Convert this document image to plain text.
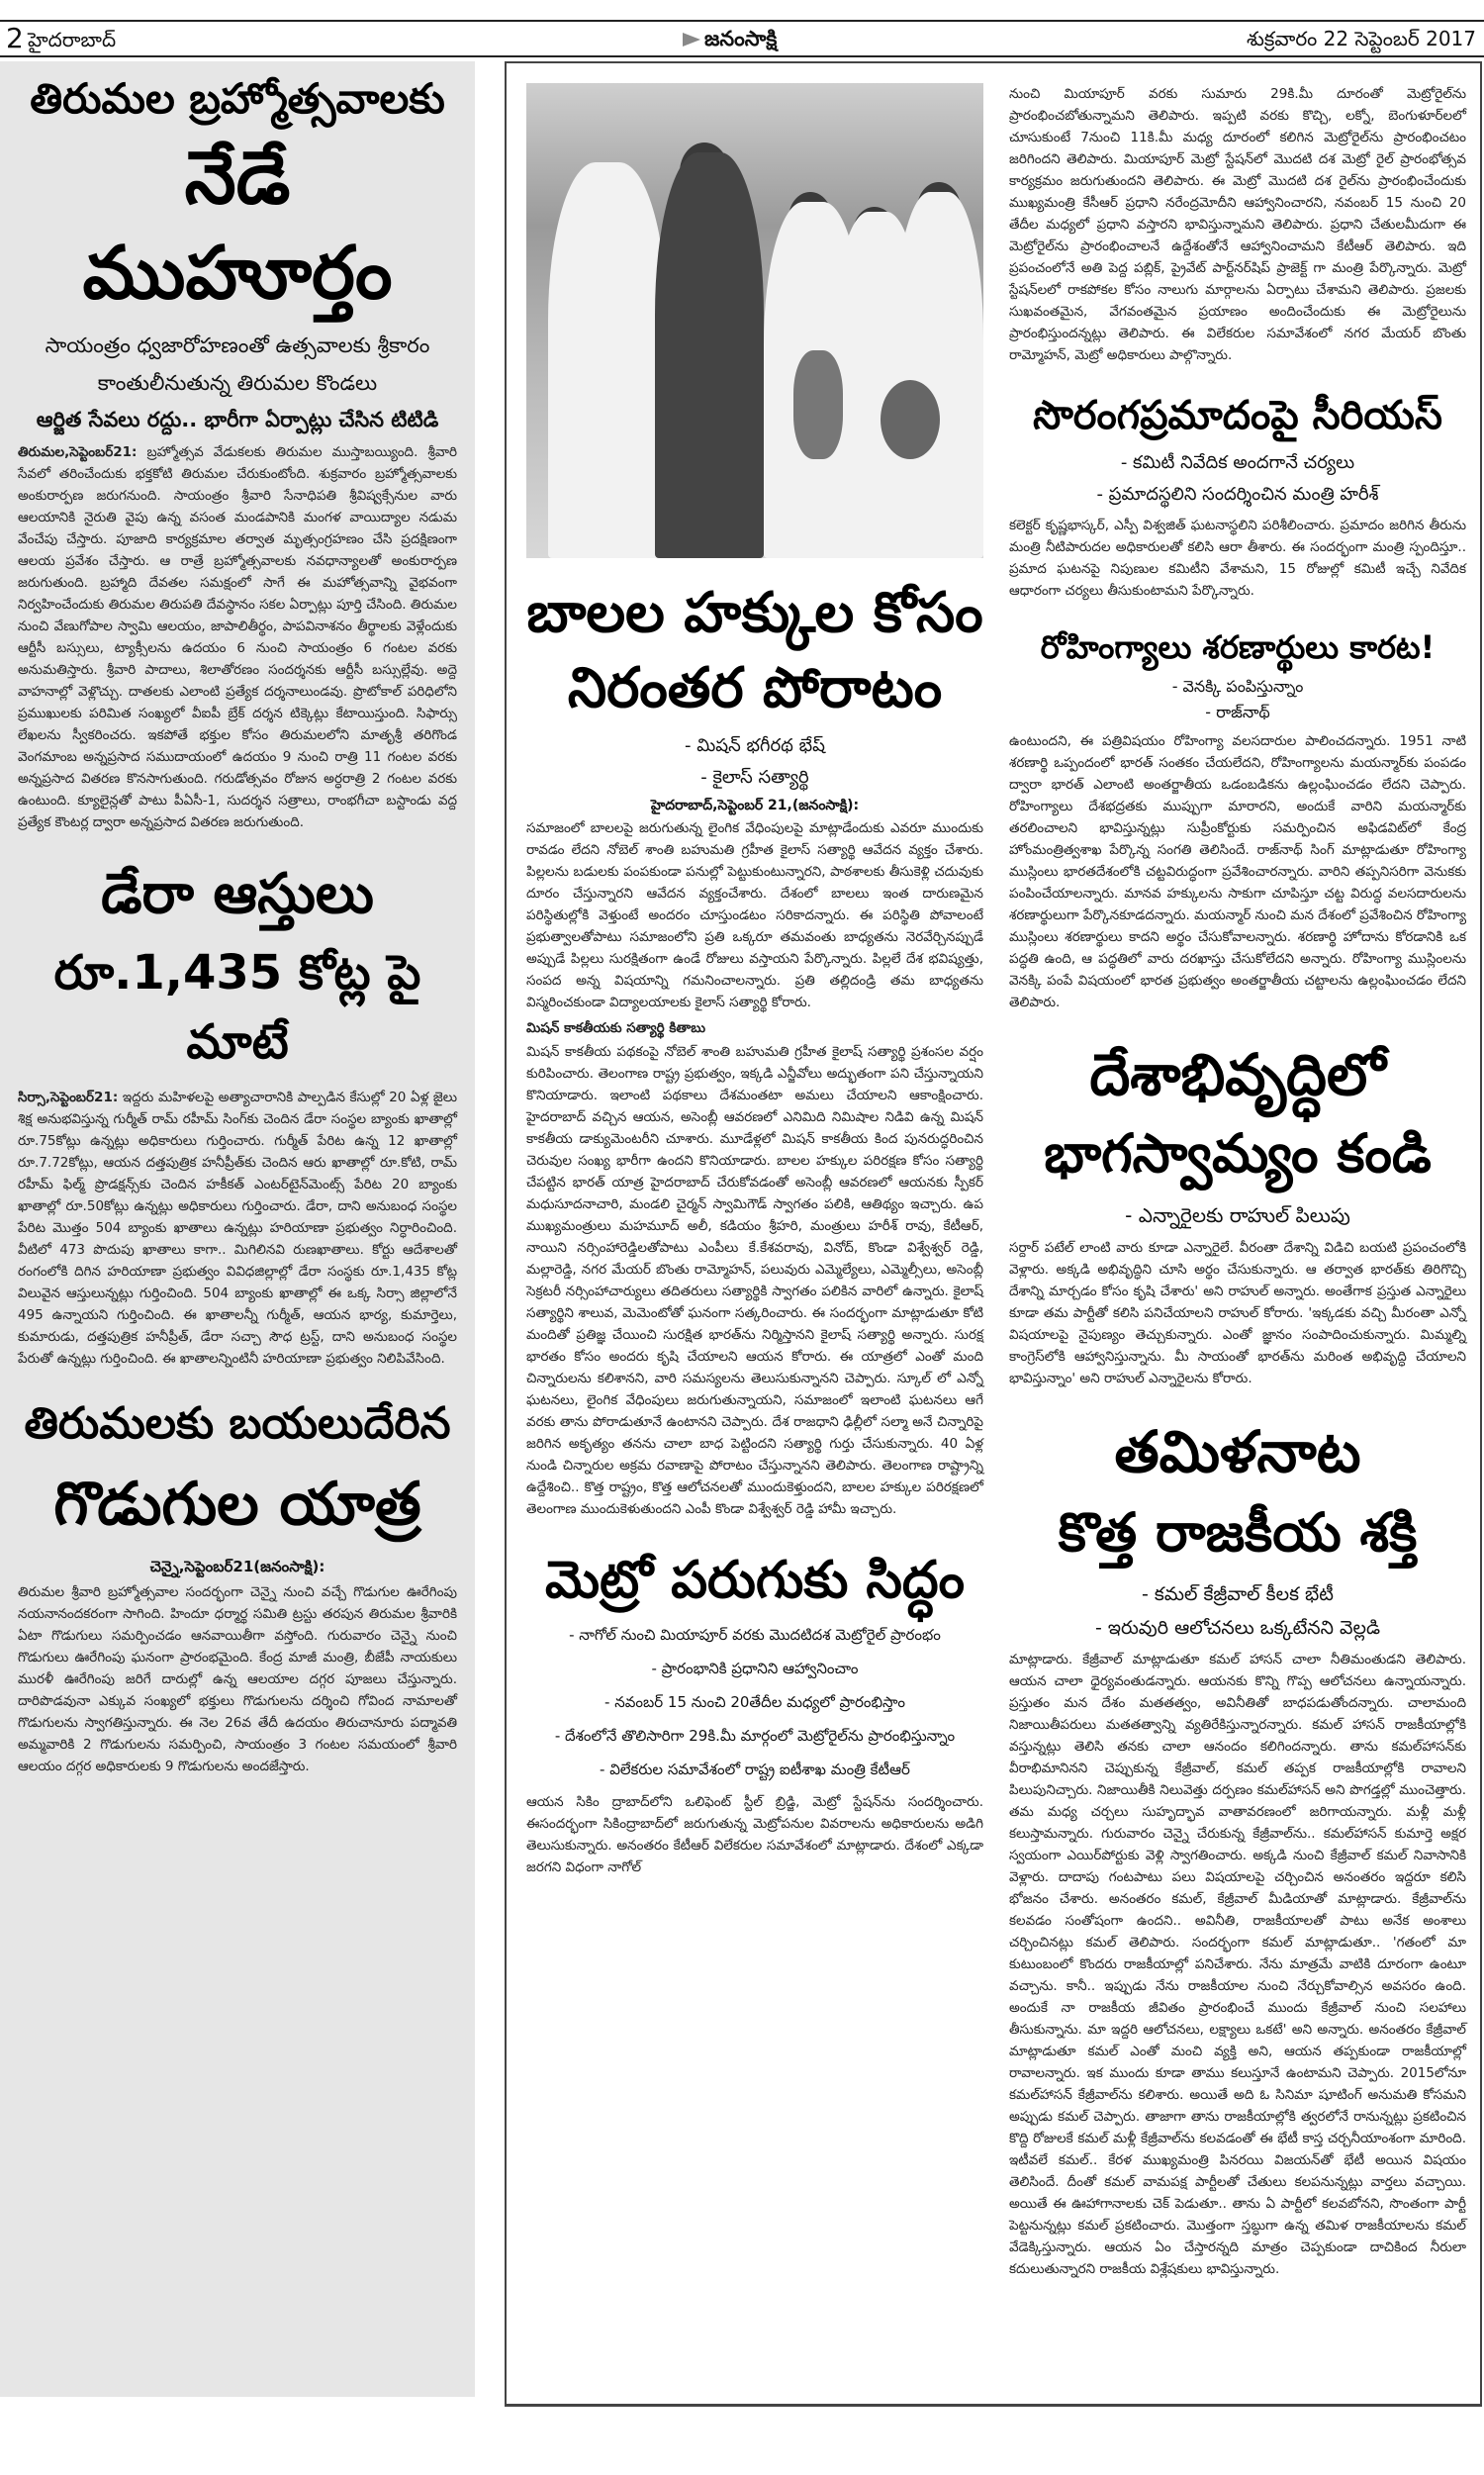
2 హైదరాబాద్	జనంసాక్షి	శుక్రవారం 22 సెప్టెంబర్ 2017
తిరుమల బ్రహ్మోత్సవాలకు
నేడే ముహూర్తం

సాయంత్రం ధ్వజారోహణంతో ఉత్సవాలకు శ్రీకారం

కాంతులీనుతున్న తిరుమల కొండలు

ఆర్జిత సేవలు రద్దు.. భారీగా ఏర్పాట్లు చేసిన టిటిడి

తిరుమల,సెప్టెంబర్21: బ్రహ్మోత్సవ వేడుకలకు తిరుమల ముస్తాబయ్యింది. శ్రీవారి సేవలో తరించేందుకు భక్తకోటి తిరుమల చేరుకుంటోంది. శుక్రవారం బ్రహ్మోత్సవాలకు అంకురార్పణ జరుగనుంది. సాయంత్రం శ్రీవారి సేనాధిపతి శ్రీవిష్వక్సేనుల వారు ఆలయానికి నైరుతి వైపు ఉన్న వసంత మండపానికి మంగళ వాయిద్యాల నడుమ వేంచేపు చేస్తారు. పూజాది కార్యక్రమాల తర్వాత మృత్సంగ్రహణం చేసి ప్రదక్షిణంగా ఆలయ ప్రవేశం చేస్తారు. ఆ రాత్రే బ్రహ్మోత్సవాలకు నవధాన్యాలతో అంకురార్పణ జరుగుతుంది. బ్రహ్మాది దేవతల సమక్షంలో సాగే ఈ మహోత్సవాన్ని వైభవంగా నిర్వహించేందుకు తిరుమల తిరుపతి దేవస్థానం సకల ఏర్పాట్లు పూర్తి చేసింది. తిరుమల నుంచి వేణుగోపాల స్వామి ఆలయం, జాపాలితీర్థం, పాపవినాశనం తీర్థాలకు వెళ్లేందుకు ఆర్టీసీ బస్సులు, ట్యాక్సీలను ఉదయం 6 నుంచి సాయంత్రం 6 గంటల వరకు అనుమతిస్తారు. శ్రీవారి పాదాలు, శిలాతోరణం సందర్శనకు ఆర్టీసీ బస్సుల్లేవు. అద్దె వాహనాల్లో వెళ్లొచ్చు. దాతలకు ఎలాంటి ప్రత్యేక దర్శనాలుండవు. ప్రొటోకాల్ పరిధిలోని ప్రముఖులకు పరిమిత సంఖ్యలో వీఐపీ బ్రేక్ దర్శన టిక్కెట్లు కేటాయిస్తుంది. సిఫార్సు లేఖలను స్వీకరించరు. ఇకపోతే భక్తుల కోసం తిరుమలలోని మాతృశ్రీ తరిగొండ వెంగమాంబ అన్నప్రసాద సముదాయంలో ఉదయం 9 నుంచి రాత్రి 11 గంటల వరకు అన్నప్రసాద వితరణ కొనసాగుతుంది. గరుడోత్సవం రోజున అర్ధరాత్రి 2 గంటల వరకు ఉంటుంది. క్యూలైన్లతో పాటు పీఏసీ-1, సుదర్శన సత్రాలు, రాంభగీచా బస్టాండు వద్ద ప్రత్యేక కౌంటర్ల ద్వారా అన్నప్రసాద వితరణ జరుగుతుంది.

డేరా ఆస్తులు
రూ.1,435 కోట్ల పై మాటే

సిర్సా,సెప్టెంబర్21: ఇద్దరు మహిళలపై అత్యాచారానికి పాల్పడిన కేసుల్లో 20 ఏళ్ల జైలు శిక్ష అనుభవిస్తున్న గుర్మీత్ రామ్ రహీమ్ సింగ్‌కు చెందిన డేరా సంస్థల బ్యాంకు ఖాతాల్లో రూ.75కోట్లు ఉన్నట్లు అధికారులు గుర్తించారు. గుర్మీత్ పేరిట ఉన్న 12 ఖాతాల్లో రూ.7.72కోట్లు, ఆయన దత్తపుత్రిక హనీప్రీత్‌కు చెందిన ఆరు ఖాతాల్లో రూ.కోటి, రామ్ రహీమ్ ఫిల్మ్ ప్రొడక్షన్స్‌కు చెందిన హకీకత్ ఎంటర్‌టైన్‌మెంట్స్ పేరిట 20 బ్యాంకు ఖాతాల్లో రూ.50కోట్లు ఉన్నట్లు అధికారులు గుర్తించారు. డేరా, దాని అనుబంధ సంస్థల పేరిట మొత్తం 504 బ్యాంకు ఖాతాలు ఉన్నట్లు హరియాణా ప్రభుత్వం నిర్ధారించింది. వీటిలో 473 పొదుపు ఖాతాలు కాగా.. మిగిలినవి రుణఖాతాలు. కోర్టు ఆదేశాలతో రంగంలోకి దిగిన హరియాణా ప్రభుత్వం వివిధజిల్లాల్లో డేరా సంస్థకు రూ.1,435 కోట్ల విలువైన ఆస్తులున్నట్లు గుర్తించింది. 504 బ్యాంకు ఖాతాల్లో ఈ ఒక్క సిర్సా జిల్లాలోనే 495 ఉన్నాయని గుర్తించింది. ఈ ఖాతాలన్నీ గుర్మీత్, ఆయన భార్య, కుమార్తెలు, కుమారుడు, దత్తపుత్రిక హనీప్రీత్, డేరా సచ్చా సౌధ ట్రస్ట్, దాని అనుబంధ సంస్థల పేరుతో ఉన్నట్లు గుర్తించింది. ఈ ఖాతాలన్నింటినీ హరియాణా ప్రభుత్వం నిలిపివేసింది.

తిరుమలకు బయలుదేరిన
గొడుగుల యాత్ర

చెన్నై,సెప్టెంబర్21(జనంసాక్షి):

తిరుమల శ్రీవారి బ్రహ్మోత్సవాల సందర్భంగా చెన్నై నుంచి వచ్చే గొడుగుల ఊరేగింపు నయనానందకరంగా సాగింది. హిందూ ధర్మార్థ సమితి ట్రస్టు తరపున తిరుమల శ్రీవారికి ఏటా గొడుగులు సమర్పించడం ఆనవాయితీగా వస్తోంది. గురువారం చెన్నై నుంచి గొడుగులు ఊరేగింపు ఘనంగా ప్రారంభమైంది. కేంద్ర మాజీ మంత్రి, బీజేపీ నాయకులు మురళీ ఊరేగింపు జరిగే దారుల్లో ఉన్న ఆలయాల దగ్గర పూజలు చేస్తున్నారు. దారిపొడవునా ఎక్కువ సంఖ్యలో భక్తులు గొడుగులను దర్శించి గోవింద నామాలతో గొడుగులను స్వాగతిస్తున్నారు. ఈ నెల 26వ తేదీ ఉదయం తిరుచానూరు పద్మావతి అమ్మవారికి 2 గొడుగులను సమర్పించి, సాయంత్రం 3 గంటల సమయంలో శ్రీవారి ఆలయం దగ్గర అధికారులకు 9 గొడుగులను అందజేస్తారు.

బాలల హక్కుల కోసం
నిరంతర పోరాటం

- మిషన్ భగీరథ భేష్

- కైలాస్ సత్యార్థి

హైదరాబాద్,సెప్టెంబర్ 21,(జనంసాక్షి):

సమాజంలో బాలలపై జరుగుతున్న లైంగిక వేధింపులపై మాట్లాడేందుకు ఎవరూ ముందుకు రావడం లేదని నోబెల్ శాంతి బహుమతి గ్రహీత కైలాస్ సత్యార్థి ఆవేదన వ్యక్తం చేశారు. పిల్లలను బడులకు పంపకుండా పనుల్లో పెట్టుకుంటున్నారని, పాఠశాలకు తీసుకెళ్లి చదువుకు దూరం చేస్తున్నారని ఆవేదన వ్యక్తంచేశారు. దేశంలో బాలలు ఇంత దారుణమైన పరిస్థితుల్లోకి వెళ్తుంటే అందరం చూస్తుండటం సరికాదన్నారు. ఈ పరిస్థితి పోవాలంటే ప్రభుత్వాలతోపాటు సమాజంలోని ప్రతి ఒక్కరూ తమవంతు బాధ్యతను నెరవేర్చినప్పుడే అప్పుడే పిల్లలు సురక్షితంగా ఉండే రోజులు వస్తాయని పేర్కొన్నారు. పిల్లలే దేశ భవిష్యత్తు, సంపద అన్న విషయాన్ని గమనించాలన్నారు. ప్రతి తల్లిదండ్రి తమ బాధ్యతను విస్మరించకుండా విద్యాలయాలకు కైలాస్ సత్యార్థి కోరారు.

మిషన్ కాకతీయకు సత్యార్థి కితాబు

మిషన్ కాకతీయ పథకంపై నోబెల్ శాంతి బహుమతి గ్రహీత కైలాష్ సత్యార్థి ప్రశంసల వర్షం కురిపించారు. తెలంగాణ రాష్ట్ర ప్రభుత్వం, ఇక్కడి ఎన్జీవోలు అద్భుతంగా పని చేస్తున్నాయని కొనియాడారు. ఇలాంటి పథకాలు దేశమంతటా అమలు చేయాలని ఆకాంక్షించారు. హైదరాబాద్ వచ్చిన ఆయన, అసెంబ్లీ ఆవరణలో ఎనిమిది నిమిషాల నిడివి ఉన్న మిషన్ కాకతీయ డాక్యుమెంటరీని చూశారు. మూడేళ్లలో మిషన్ కాకతీయ కింద పునరుద్ధరించిన చెరువుల సంఖ్య భారీగా ఉందని కొనియాడారు. బాలల హక్కుల పరిరక్షణ కోసం సత్యార్థి చేపట్టిన భారత్ యాత్ర హైదరాబాద్ చేరుకోవడంతో అసెంబ్లీ ఆవరణలో ఆయనకు స్పీకర్ మధుసూదనాచారి, మండలి చైర్మన్ స్వామిగౌడ్ స్వాగతం పలికి, ఆతిథ్యం ఇచ్చారు. ఉప ముఖ్యమంత్రులు మహమూద్ అలీ, కడియం శ్రీహరి, మంత్రులు హరీశ్ రావు, కేటీఆర్, నాయిని నర్సింహారెడ్డిలతోపాటు ఎంపీలు కే.కేశవరావు, వినోద్, కొండా విశ్వేశ్వర్ రెడ్డి, మల్లారెడ్డి, నగర మేయర్ బొంతు రామ్మోహన్, పలువురు ఎమ్మెల్యేలు, ఎమ్మెల్సీలు, అసెంబ్లీ సెక్రటరీ నర్సింహాచార్యులు తదితరులు సత్యార్థికి స్వాగతం పలికిన వారిలో ఉన్నారు. కైలాష్ సత్యార్థిని శాలువ, మెమెంటోతో ఘనంగా సత్కరించారు. ఈ సందర్భంగా మాట్లాడుతూ కోటి మందితో ప్రతిజ్ఞ చేయించి సురక్షిత భారత్‌ను నిర్మిస్తానని కైలాష్ సత్యార్థి అన్నారు. సురక్ష భారతం కోసం అందరు కృషి చేయాలని ఆయన కోరారు. ఈ యాత్రలో ఎంతో మంది చిన్నారులను కలిశానని, వారి సమస్యలను తెలుసుకున్నానని చెప్పారు. స్కూల్ లో ఎన్నో ఘటనలు, లైంగిక వేధింపులు జరుగుతున్నాయని, సమాజంలో ఇలాంటి ఘటనలు ఆగే వరకు తాను పోరాడుతూనే ఉంటానని చెప్పారు. దేశ రాజధాని ఢిల్లీలో సల్మా అనే చిన్నారిపై జరిగిన అకృత్యం తనను చాలా బాధ పెట్టిందని సత్యార్థి గుర్తు చేసుకున్నారు. 40 ఏళ్ల నుండి చిన్నారుల అక్రమ రవాణాపై పోరాటం చేస్తున్నానని తెలిపారు. తెలంగాణ రాష్ట్రాన్ని ఉద్దేశించి.. కొత్త రాష్ట్రం, కొత్త ఆలోచనలతో ముందుకెళ్తుందని, బాలల హక్కుల పరిరక్షణలో తెలంగాణ ముందుకెళుతుందని ఎంపీ కొండా విశ్వేశ్వర్ రెడ్డి హామీ ఇచ్చారు.

మెట్రో పరుగుకు సిద్ధం

- నాగోల్ నుంచి మియాపూర్ వరకు మొదటిదశ మెట్రోరైల్ ప్రారంభం

- ప్రారంభానికి ప్రధానిని ఆహ్వానించాం

- నవంబర్ 15 నుంచి 20తేదీల మధ్యలో ప్రారంభిస్తాం

- దేశంలోనే తొలిసారిగా 29కి.మీ మార్గంలో మెట్రోరైల్‌ను ప్రారంభిస్తున్నాం

- విలేకరుల సమావేశంలో రాష్ట్ర ఐటీశాఖ మంత్రి కేటీఆర్

ఆయన సికిం ద్రాబాద్‌లోని ఒలిఫెంట్ స్టీల్ బ్రిడ్జి, మెట్రో స్టేషన్‌ను సందర్శించారు. ఈసందర్భంగా సికింద్రాబాద్‌లో జరుగుతున్న మెట్రోపనుల వివరాలను అధికారులను అడిగి తెలుసుకున్నారు. అనంతరం కేటీఆర్ విలేకరుల సమావేశంలో మాట్లాడారు. దేశంలో ఎక్కడా జరగని విధంగా నాగోల్

నుంచి మియాపూర్ వరకు సుమారు 29కి.మీ దూరంతో మెట్రోరైల్‌ను ప్రారంభించబోతున్నామని తెలిపారు. ఇప్పటి వరకు కొచ్చి, లక్నో, బెంగుళూర్‌లలో చూసుకుంటే 7నుంచి 11కి.మీ మధ్య దూరంలో కలిగిన మెట్రోరైల్‌ను ప్రారంభించటం జరిగిందని తెలిపారు. మియాపూర్ మెట్రో స్టేషన్‌లో మొదటి దశ మెట్రో రైల్ ప్రారంభోత్సవ కార్యక్రమం జరుగుతుందని తెలిపారు. ఈ మెట్రో మొదటి దశ రైల్‌ను ప్రారంభించేందుకు ముఖ్యమంత్రి కేసీఆర్ ప్రధాని నరేంద్రమోదీని ఆహ్వానించారని, నవంబర్ 15 నుంచి 20 తేదీల మధ్యలో ప్రధాని వస్తారని భావిస్తున్నామని తెలిపారు. ప్రధాని చేతులమీదుగా ఈ మెట్రోరైల్‌ను ప్రారంభించాలనే ఉద్దేశంతోనే ఆహ్వానించామని కేటీఆర్ తెలిపారు. ఇది ప్రపంచంలోనే అతి పెద్ద పబ్లిక్, ప్రైవేట్ పార్ట్‌నర్‌షిప్ ప్రాజెక్ట్ గా మంత్రి పేర్కొన్నారు. మెట్రో స్టేషన్‌లలో రాకపోకల కోసం నాలుగు మార్గాలను ఏర్పాటు చేశామని తెలిపారు. ప్రజలకు సుఖవంతమైన, వేగవంతమైన ప్రయాణం అందించేందుకు ఈ మెట్రోరైలును ప్రారంభిస్తుందన్నట్లు తెలిపారు. ఈ విలేకరుల సమావేశంలో నగర మేయర్ బొంతు రామ్మోహన్, మెట్రో అధికారులు పాల్గొన్నారు.

సొరంగప్రమాదంపై సీరియస్

- కమిటీ నివేదిక అందగానే చర్యలు

- ప్రమాదస్థలిని సందర్శించిన మంత్రి హరీశ్

కలెక్టర్ కృష్ణభాస్కర్, ఎస్పీ విశ్వజిత్ ఘటనాస్థలిని పరిశీలించారు. ప్రమాదం జరిగిన తీరును మంత్రి నీటిపారుదల అధికారులతో కలిసి ఆరా తీశారు. ఈ సందర్భంగా మంత్రి స్పందిస్తూ.. ప్రమాద ఘటనపై నిపుణుల కమిటీని వేశామని, 15 రోజుల్లో కమిటీ ఇచ్చే నివేదిక ఆధారంగా చర్యలు తీసుకుంటామని పేర్కొన్నారు.

రోహింగ్యాలు శరణార్థులు కారట!

- వెనక్కి పంపిస్తున్నాం

- రాజ్‌నాథ్

ఉంటుందని, ఈ పత్రివిషయం రోహింగ్యా వలసదారుల పాలించదన్నారు. 1951 నాటి శరణార్థి ఒప్పందంలో భారత్ సంతకం చేయలేదని, రోహింగ్యాలను మయన్మార్‌కు పంపడం ద్వారా భారత్ ఎలాంటి అంతర్జాతీయ ఒడంబడికను ఉల్లంఘించడం లేదని చెప్పారు. రోహింగ్యాలు దేశభద్రతకు ముప్పుగా మారారని, అందుకే వారిని మయన్మార్‌కు తరలించాలని భావిస్తున్నట్లు సుప్రీంకోర్టుకు సమర్పించిన అఫిడవిట్‌లో కేంద్ర హోంమంత్రిత్వశాఖ పేర్కొన్న సంగతి తెలిసిందే. రాజ్‌నాథ్ సింగ్ మాట్లాడుతూ రోహింగ్యా ముస్లింలు భారతదేశంలోకి చట్టవిరుద్ధంగా ప్రవేశించారన్నారు. వారిని తప్పనిసరిగా వెనుకకు పంపించేయాలన్నారు. మానవ హక్కులను సాకుగా చూపిస్తూ చట్ట విరుద్ధ వలసదారులను శరణార్థులుగా పేర్కొనకూడదన్నారు. మయన్మార్ నుంచి మన దేశంలో ప్రవేశించిన రోహింగ్యా ముస్లింలు శరణార్థులు కాదని అర్థం చేసుకోవాలన్నారు. శరణార్థి హోదాను కోరడానికి ఒక పద్ధతి ఉంది, ఆ పద్ధతిలో వారు దరఖాస్తు చేసుకోలేదని అన్నారు. రోహింగ్యా ముస్లింలను వెనక్కి పంపే విషయంలో భారత ప్రభుత్వం అంతర్జాతీయ చట్టాలను ఉల్లంఘించడం లేదని తెలిపారు.

దేశాభివృద్ధిలో
భాగస్వామ్యం కండి

- ఎన్నారైలకు రాహుల్ పిలుపు

సర్దార్ పటేల్ లాంటి వారు కూడా ఎన్నారైలే. వీరంతా దేశాన్ని విడిచి బయటి ప్రపంచంలోకి వెళ్లారు. అక్కడి అభివృద్ధిని చూసి అర్థం చేసుకున్నారు. ఆ తర్వాత భారత్‌కు తిరిగొచ్చి దేశాన్ని మార్చడం కోసం కృషి చేశారు' అని రాహుల్ అన్నారు. అంతేగాక ప్రస్తుత ఎన్నారైలు కూడా తమ పార్టీతో కలిసి పనిచేయాలని రాహుల్ కోరారు. 'ఇక్కడకు వచ్చి మీరంతా ఎన్నో విషయాలపై నైపుణ్యం తెచ్చుకున్నారు. ఎంతో జ్ఞానం సంపాదించుకున్నారు. మిమ్మల్ని కాంగ్రెస్‌లోకి ఆహ్వానిస్తున్నాను. మీ సాయంతో భారత్‌ను మరింత అభివృద్ధి చేయాలని భావిస్తున్నాం' అని రాహుల్ ఎన్నారైలను కోరారు.

తమిళనాట
కొత్త రాజకీయ శక్తి

- కమల్ కేజ్రీవాల్ కీలక భేటీ

- ఇరువురి ఆలోచనలు ఒక్కటేనని వెల్లడి

మాట్లాడారు. కేజ్రీవాల్ మాట్లాడుతూ కమల్ హాసన్ చాలా నీతిమంతుడని తెలిపారు. ఆయన చాలా ధైర్యవంతుడన్నారు. ఆయనకు కొన్ని గొప్ప ఆలోచనలు ఉన్నాయన్నారు. ప్రస్తుతం మన దేశం మతతత్వం, అవినీతితో బాధపడుతోందన్నారు. చాలామంది నిజాయితీపరులు మతతత్వాన్ని వ్యతిరేకిస్తున్నారన్నారు. కమల్ హాసన్ రాజకీయాల్లోకి వస్తున్నట్లు తెలిసి తనకు చాలా ఆనందం కలిగిందన్నారు. తాను కమల్‌హాసన్‌కు వీరాభిమానినని చెప్పుకున్న కేజ్రీవాల్, కమల్ తప్పక రాజకీయాల్లోకి రావాలని పిలుపునిచ్చారు. నిజాయితీకి నిలువెత్తు దర్పణం కమల్‌హాసన్ అని పొగడ్తల్లో ముంచెత్తారు. తమ మధ్య చర్చలు సుహృద్భావ వాతావరణంలో జరిగాయన్నారు. మళ్లీ మళ్లీ కలుస్తామన్నారు. గురువారం చెన్నై చేరుకున్న కేజ్రీవాల్‌ను.. కమల్‌హాసన్ కుమార్తె అక్షర స్వయంగా ఎయిర్‌పోర్టుకు వెళ్లి స్వాగతించారు. అక్కడి నుంచి కేజ్రీవాల్ కమల్ నివాసానికి వెళ్లారు. దాదాపు గంటపాటు పలు విషయాలపై చర్చించిన అనంతరం ఇద్దరూ కలిసి భోజనం చేశారు. అనంతరం కమల్, కేజ్రీవాల్ మీడియాతో మాట్లాడారు. కేజ్రీవాల్‌ను కలవడం సంతోషంగా ఉందని.. అవినీతి, రాజకీయాలతో పాటు అనేక అంశాలు చర్చించినట్లు కమల్ తెలిపారు. సందర్భంగా కమల్ మాట్లాడుతూ.. 'గతంలో మా కుటుంబంలో కొందరు రాజకీయాల్లో పనిచేశారు. నేను మాత్రమే వాటికి దూరంగా ఉంటూ వచ్చాను. కానీ.. ఇప్పుడు నేను రాజకీయాల నుంచి నేర్చుకోవాల్సిన అవసరం ఉంది. అందుకే నా రాజకీయ జీవితం ప్రారంభించే ముందు కేజ్రీవాల్ నుంచి సలహాలు తీసుకున్నాను. మా ఇద్దరి ఆలోచనలు, లక్ష్యాలు ఒకటే' అని అన్నారు. అనంతరం కేజ్రీవాల్ మాట్లాడుతూ కమల్ ఎంతో మంచి వ్యక్తి అని, ఆయన తప్పకుండా రాజకీయాల్లో రావాలన్నారు. ఇక ముందు కూడా తాము కలుస్తూనే ఉంటామని చెప్పారు. 2015లోనూ కమల్‌హాసన్ కేజ్రీవాల్‌ను కలిశారు. అయితే అది ఓ సినిమా షూటింగ్ అనుమతి కోసమని అప్పుడు కమల్ చెప్పారు. తాజాగా తాను రాజకీయాల్లోకి త్వరలోనే రానున్నట్లు ప్రకటించిన కొద్ది రోజులకే కమల్ మళ్లీ కేజ్రీవాల్‌ను కలవడంతో ఈ భేటీ కాస్త చర్చనీయాంశంగా మారింది. ఇటీవలే కమల్.. కేరళ ముఖ్యమంత్రి పినరయి విజయన్‌తో భేటీ అయిన విషయం తెలిసిందే. దీంతో కమల్ వామపక్ష పార్టీలతో చేతులు కలపనున్నట్లు వార్తలు వచ్చాయి. అయితే ఈ ఊహాగానాలకు చెక్ పెడుతూ.. తాను ఏ పార్టీలో కలవబోనని, సొంతంగా పార్టీ పెట్టనున్నట్లు కమల్ ప్రకటించారు. మొత్తంగా స్తబ్ధుగా ఉన్న తమిళ రాజకీయాలను కమల్ వేడెక్కిస్తున్నారు. ఆయన ఏం చేస్తారన్నది మాత్రం చెప్పకుండా దాచికింద నీరులా కదులుతున్నారని రాజకీయ విశ్లేషకులు భావిస్తున్నారు.
